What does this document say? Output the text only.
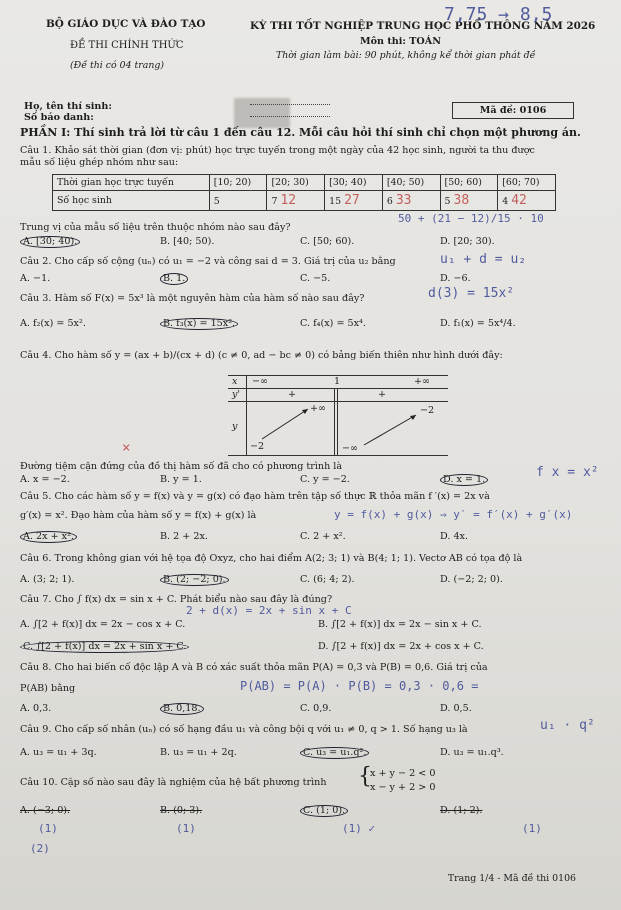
BỘ GIÁO DỤC VÀ ĐÀO TẠO
ĐỀ THI CHÍNH THỨC
(Đề thi có 04 trang)
KỲ THI TỐT NGHIỆP TRUNG HỌC PHỔ THÔNG NĂM 2026
Môn thi: TOÁN
Thời gian làm bài: 90 phút, không kể thời gian phát đề
7,75 → 8,5
Họ, tên thí sinh:
Số báo danh:
Mã đề: 0106
PHẦN I: Thí sinh trả lời từ câu 1 đến câu 12. Mỗi câu hỏi thí sinh chỉ chọn một phương án.
Câu 1. Khảo sát thời gian (đơn vị: phút) học trực tuyến trong một ngày của 42 học sinh, người ta thu được
mẫu số liệu ghép nhóm như sau:
Thời gian học trực tuyến	[10; 20)	[20; 30)	[30; 40)	[40; 50)	[50; 60)	[60; 70)
Số học sinh	5	7 12	15 27	6 33	5 38	4 42
Trung vị của mẫu số liệu trên thuộc nhóm nào sau đây?
50 + (21 − 12)/15 · 10
A. [30; 40).	B. [40; 50).	C. [50; 60).	D. [20; 30).
Câu 2. Cho cấp số cộng (uₙ) có u₁ = −2 và công sai d = 3. Giá trị của u₂ bằng	u₁ + d = u₂
A. −1.	B. 1.	C. −5.	D. −6.
Câu 3. Hàm số F(x) = 5x³ là một nguyên hàm của hàm số nào sau đây?	d(3) = 15x²
A. f₂(x) = 5x².	B. f₃(x) = 15x².	C. f₄(x) = 5x⁴.	D. f₁(x) = 5x⁴/4.
Câu 4. Cho hàm số y = (ax + b)/(cx + d) (c ≠ 0, ad − bc ≠ 0) có bảng biến thiên như hình dưới đây:
x
y'
y
−∞	1	+∞
+	+
−2
+∞
−∞
−2
×
Đường tiệm cận đứng của đồ thị hàm số đã cho có phương trình là	f x = x²
A. x = −2.	B. y = 1.	C. y = −2.	D. x = 1.
Câu 5. Cho các hàm số y = f(x) và y = g(x) có đạo hàm trên tập số thực ℝ thỏa mãn f ′(x) = 2x và
g′(x) = x². Đạo hàm của hàm số y = f(x) + g(x) là	y = f(x) + g(x) ⇒ y′ = f′(x) + g′(x)
A. 2x + x².	B. 2 + 2x.	C. 2 + x².	D. 4x.
Câu 6. Trong không gian với hệ tọa độ Oxyz, cho hai điểm A(2; 3; 1) và B(4; 1; 1). Vectơ AB có tọa độ là
A. (3; 2; 1).	B. (2; −2; 0).	C. (6; 4; 2).	D. (−2; 2; 0).
Câu 7. Cho ∫ f(x) dx = sin x + C. Phát biểu nào sau đây là đúng?
2 + d(x) = 2x + sin x + C
A. ∫[2 + f(x)] dx = 2x − cos x + C.	B. ∫[2 + f(x)] dx = 2x − sin x + C.
C. ∫[2 + f(x)] dx = 2x + sin x + C.	D. ∫[2 + f(x)] dx = 2x + cos x + C.
Câu 8. Cho hai biến cố độc lập A và B có xác suất thỏa mãn P(A) = 0,3 và P(B) = 0,6. Giá trị của
P(AB) bằng	P(AB) = P(A) · P(B) = 0,3 · 0,6 =
A. 0,3.	B. 0,18.	C. 0,9.	D. 0,5.
Câu 9. Cho cấp số nhân (uₙ) có số hạng đầu u₁ và công bội q với u₁ ≠ 0, q > 1. Số hạng u₃ là	u₁ · q²
A. u₃ = u₁ + 3q.	B. u₃ = u₁ + 2q.	C. u₃ = u₁.q².	D. u₃ = u₁.q³.
Câu 10. Cặp số nào sau đây là nghiệm của hệ bất phương trình {
x + y − 2 < 0
x − y + 2 > 0
A. (−3; 0).	B. (0; 3).	C. (1; 0).	D. (1; 2).
(1)
(2)
(1)	(1) ✓	(1)
Trang 1/4 - Mã đề thi 0106
